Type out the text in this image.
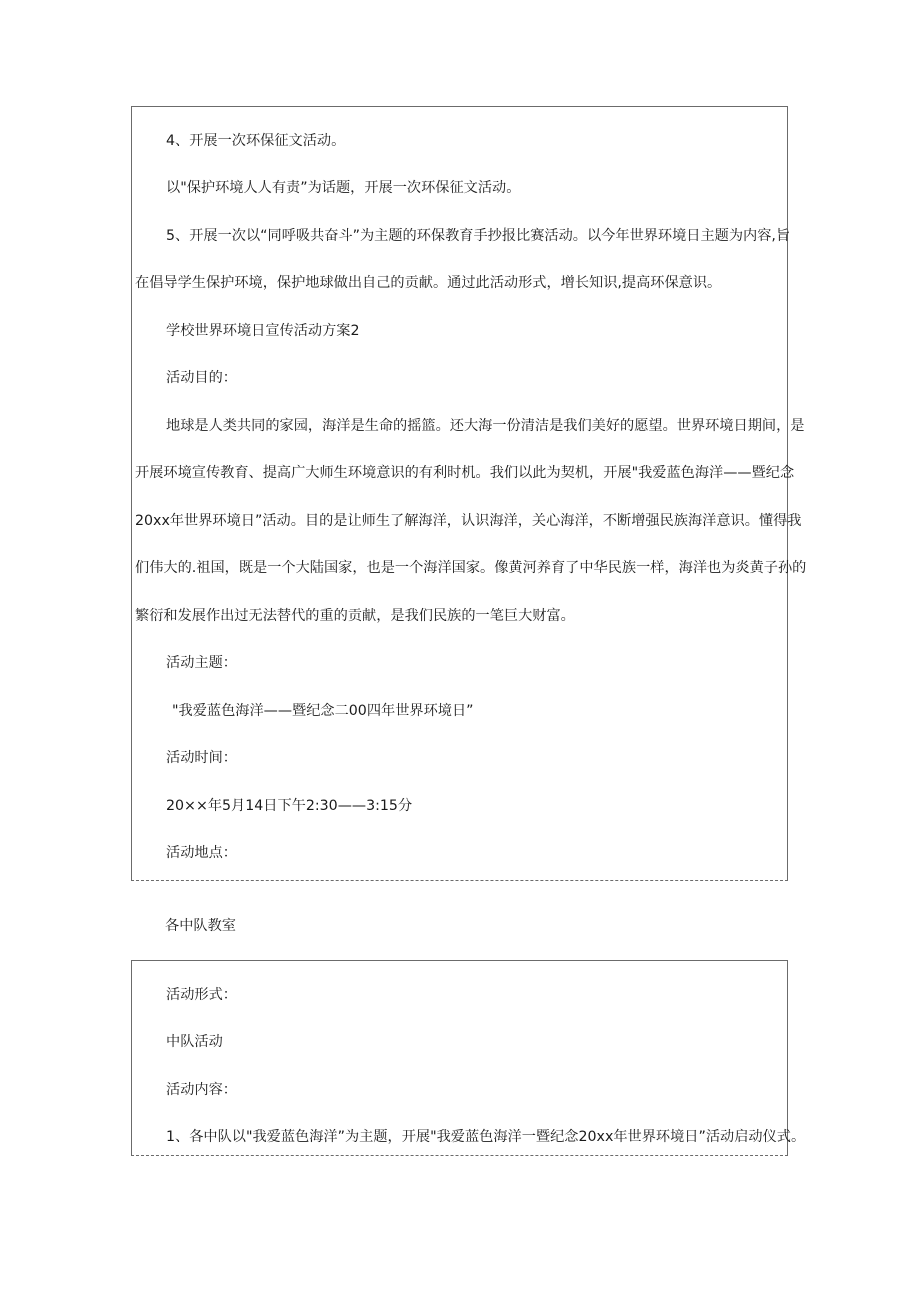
4、开展一次环保征文活动。

以"保护环境人人有责”为话题，开展一次环保征文活动。

5、开展一次以“同呼吸共奋斗”为主题的环保教育手抄报比赛活动。以今年世界环境日主题为内容,旨

在倡导学生保护环境，保护地球做出自己的贡献。通过此活动形式，增长知识,提高环保意识。

学校世界环境日宣传活动方案2

活动目的：

地球是人类共同的家园，海洋是生命的摇篮。还大海一份清洁是我们美好的愿望。世界环境日期间，是

开展环境宣传教育、提高广大师生环境意识的有利时机。我们以此为契机，开展"我爱蓝色海洋——暨纪念

20xx年世界环境日”活动。目的是让师生了解海洋，认识海洋，关心海洋，不断增强民族海洋意识。懂得我

们伟大的.祖国，既是一个大陆国家，也是一个海洋国家。像黄河养育了中华民族一样，海洋也为炎黄子孙的

繁衍和发展作出过无法替代的重的贡献，是我们民族的一笔巨大财富。

活动主题：

"我爱蓝色海洋——暨纪念二00四年世界环境日”

活动时间：

20××年5月14日下午2:30——3:15分

活动地点：

各中队教室

活动形式：

中队活动

活动内容：

1、各中队以"我爱蓝色海洋”为主题，开展"我爱蓝色海洋一暨纪念20xx年世界环境日”活动启动仪式。
